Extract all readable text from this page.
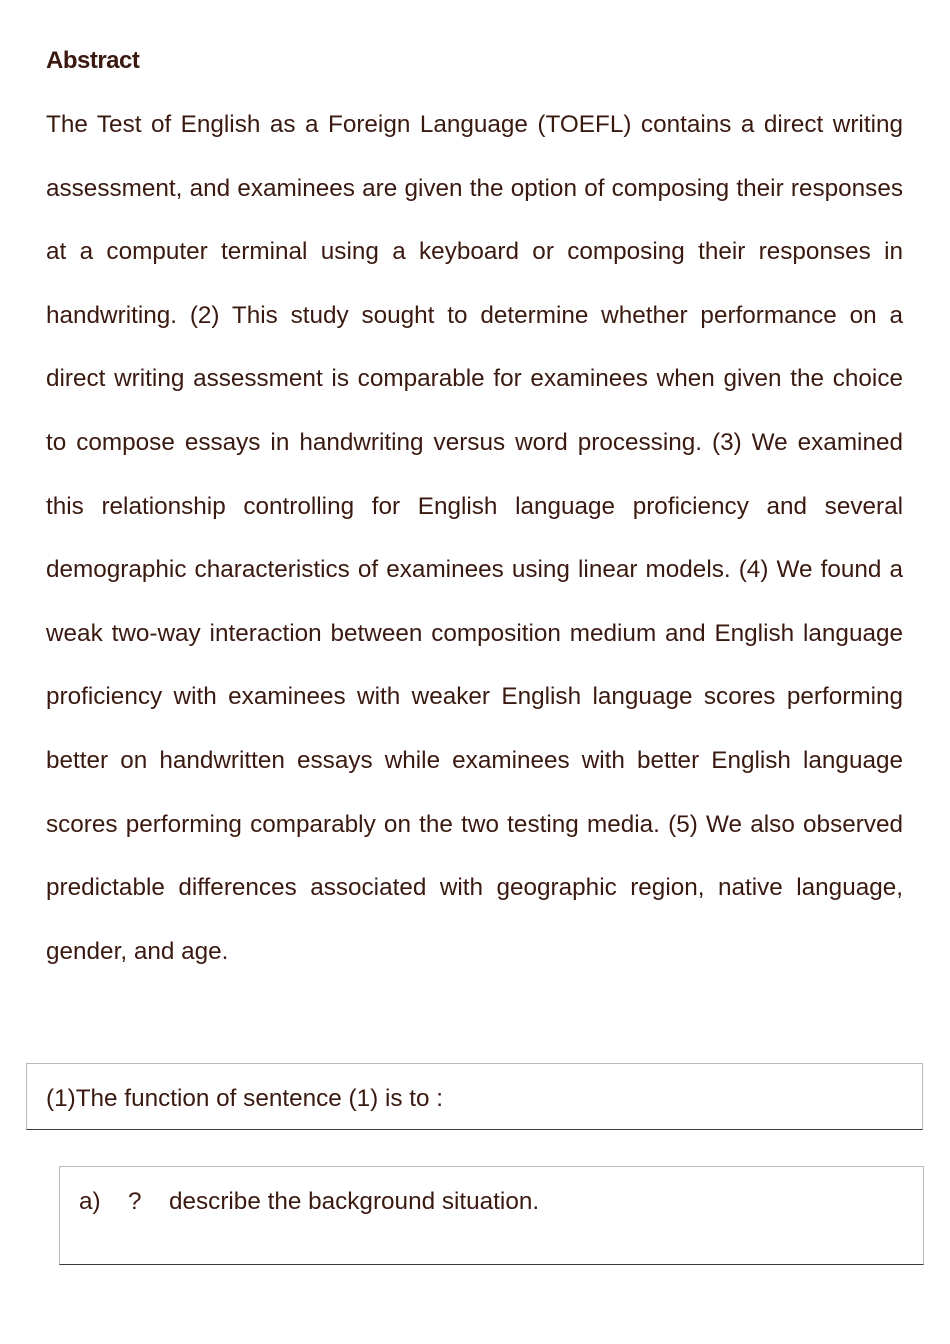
Abstract

The Test of English as a Foreign Language (TOEFL) contains a direct writing assessment, and examinees are given the option of composing their responses at a computer terminal using a keyboard or composing their responses in handwriting. (2) This study sought to determine whether performance on a direct writing assessment is comparable for examinees when given the choice to compose essays in handwriting versus word processing. (3) We examined this relationship controlling for English language proficiency and several demographic characteristics of examinees using linear models. (4) We found a weak two-way interaction between composition medium and English language proficiency with examinees with weaker English language scores performing better on handwritten essays while examinees with better English language scores performing comparably on the two testing media. (5) We also observed predictable differences associated with geographic region, native language, gender, and age.

(1)The function of sentence (1) is to :
a) ? describe the background situation.
